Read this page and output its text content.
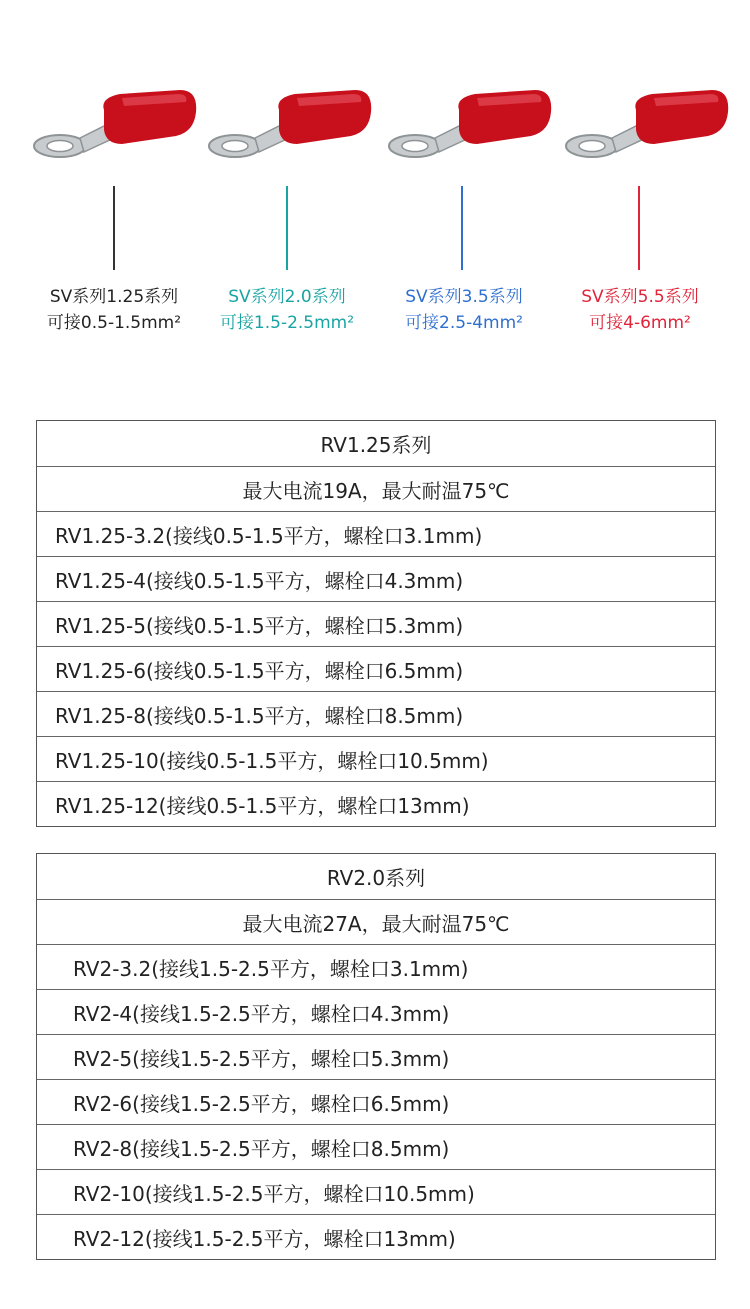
SV系列1.25系列
可接0.5-1.5mm²
SV系列2.0系列
可接1.5-2.5mm²
SV系列3.5系列
可接2.5-4mm²
SV系列5.5系列
可接4-6mm²
RV1.25系列
最大电流19A，最大耐温75℃
RV1.25-3.2(接线0.5-1.5平方，螺栓口3.1mm)
RV1.25-4(接线0.5-1.5平方，螺栓口4.3mm)
RV1.25-5(接线0.5-1.5平方，螺栓口5.3mm)
RV1.25-6(接线0.5-1.5平方，螺栓口6.5mm)
RV1.25-8(接线0.5-1.5平方，螺栓口8.5mm)
RV1.25-10(接线0.5-1.5平方，螺栓口10.5mm)
RV1.25-12(接线0.5-1.5平方，螺栓口13mm)
RV2.0系列
最大电流27A，最大耐温75℃
RV2-3.2(接线1.5-2.5平方，螺栓口3.1mm)
RV2-4(接线1.5-2.5平方，螺栓口4.3mm)
RV2-5(接线1.5-2.5平方，螺栓口5.3mm)
RV2-6(接线1.5-2.5平方，螺栓口6.5mm)
RV2-8(接线1.5-2.5平方，螺栓口8.5mm)
RV2-10(接线1.5-2.5平方，螺栓口10.5mm)
RV2-12(接线1.5-2.5平方，螺栓口13mm)
